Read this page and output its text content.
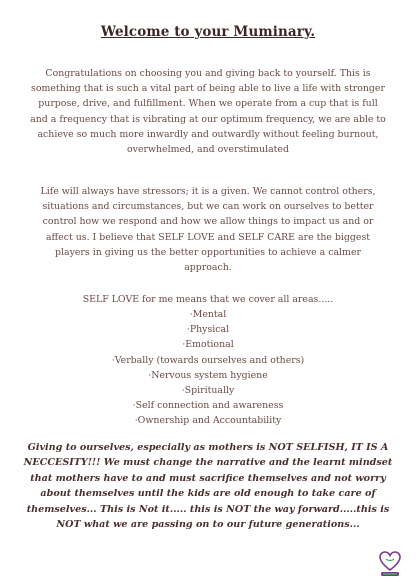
Welcome to your Muminary.
Congratulations on choosing you and giving back to yourself. This is something that is such a vital part of being able to live a life with stronger purpose, drive, and fulfillment. When we operate from a cup that is full and a frequency that is vibrating at our optimum frequency, we are able to achieve so much more inwardly and outwardly without feeling burnout, overwhelmed, and overstimulated
Life will always have stressors; it is a given. We cannot control others, situations and circumstances, but we can work on ourselves to better control how we respond and how we allow things to impact us and or affect us. I believe that SELF LOVE and SELF CARE are the biggest players in giving us the better opportunities to achieve a calmer approach.
SELF LOVE for me means that we cover all areas.....
·Mental
·Physical
·Emotional
·Verbally (towards ourselves and others)
·Nervous system hygiene
·Spiritually
·Self connection and awareness
·Ownership and Accountability
Giving to ourselves, especially as mothers is NOT SELFISH, IT IS A NECCESITY!!! We must change the narrative and the learnt mindset that mothers have to and must sacrifice themselves and not worry about themselves until the kids are old enough to take care of themselves... This is Not it..... this is NOT the way forward.....this is NOT what we are passing on to our future generations...
